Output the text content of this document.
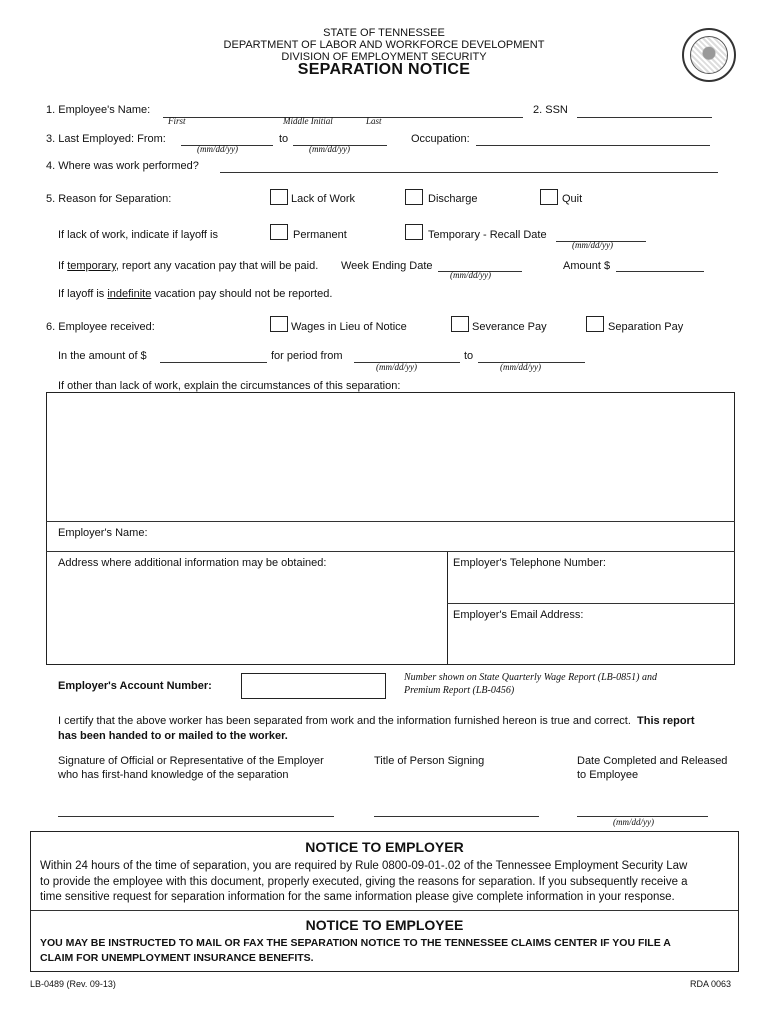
STATE OF TENNESSEE
DEPARTMENT OF LABOR AND WORKFORCE DEVELOPMENT
DIVISION OF EMPLOYMENT SECURITY
SEPARATION NOTICE
1. Employee's Name:
First	Middle Initial	Last
2. SSN
3. Last Employed: From:
(mm/dd/yy)
to
(mm/dd/yy)
Occupation:
4. Where was work performed?
5. Reason for Separation:	Lack of Work	Discharge	Quit
If lack of work, indicate if layoff is	Permanent	Temporary - Recall Date
(mm/dd/yy)
If temporary, report any vacation pay that will be paid. Week Ending Date
(mm/dd/yy)
Amount $
If layoff is indefinite vacation pay should not be reported.
6. Employee received:	Wages in Lieu of Notice	Severance Pay	Separation Pay
In the amount of $	for period from
(mm/dd/yy)
to
(mm/dd/yy)
If other than lack of work, explain the circumstances of this separation:
Employer's Name:
Address where additional information may be obtained:	Employer's Telephone Number:
Employer's Email Address:
Employer's Account Number:
Number shown on State Quarterly Wage Report (LB-0851) and
Premium Report (LB-0456)
I certify that the above worker has been separated from work and the information furnished hereon is true and correct. This report
has been handed to or mailed to the worker.
Signature of Official or Representative of the Employer
who has first-hand knowledge of the separation
Title of Person Signing	Date Completed and Released
to Employee
(mm/dd/yy)
NOTICE TO EMPLOYER
Within 24 hours of the time of separation, you are required by Rule 0800-09-01-.02 of the Tennessee Employment Security Law
to provide the employee with this document, properly executed, giving the reasons for separation. If you subsequently receive a
time sensitive request for separation information for the same information please give complete information in your response.
NOTICE TO EMPLOYEE
YOU MAY BE INSTRUCTED TO MAIL OR FAX THE SEPARATION NOTICE TO THE TENNESSEE CLAIMS CENTER IF YOU FILE A
CLAIM FOR UNEMPLOYMENT INSURANCE BENEFITS.
LB-0489 (Rev. 09-13)	RDA 0063
